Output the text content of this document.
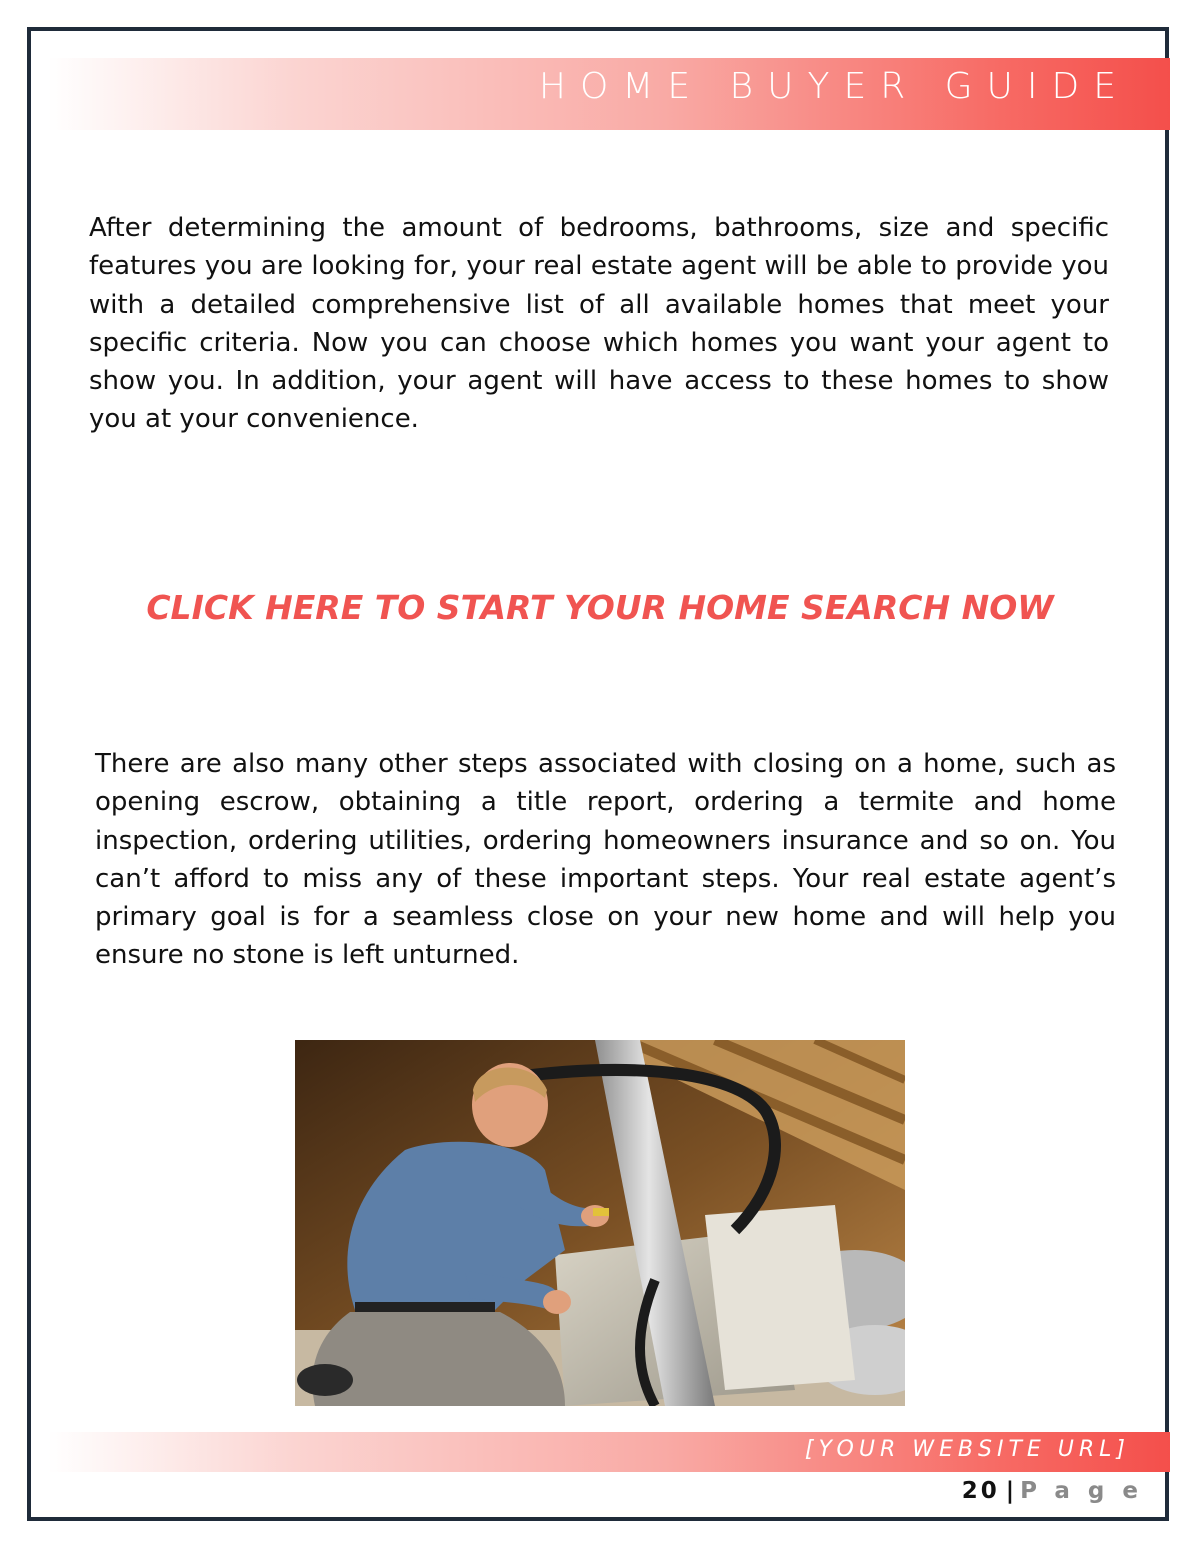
HOME BUYER GUIDE

After determining the amount of bedrooms, bathrooms, size and specific features you are looking for, your real estate agent will be able to provide you with a detailed comprehensive list of all available homes that meet your specific criteria. Now you can choose which homes you want your agent to show you. In addition, your agent will have access to these homes to show you at your convenience.

CLICK HERE TO START YOUR HOME SEARCH NOW

There are also many other steps associated with closing on a home, such as opening escrow, obtaining a title report, ordering a termite and home inspection, ordering utilities, ordering homeowners insurance and so on. You can’t afford to miss any of these important steps. Your real estate agent’s primary goal is for a seamless close on your new home and will help you ensure no stone is left unturned.

[YOUR WEBSITE URL]
20 | Page
